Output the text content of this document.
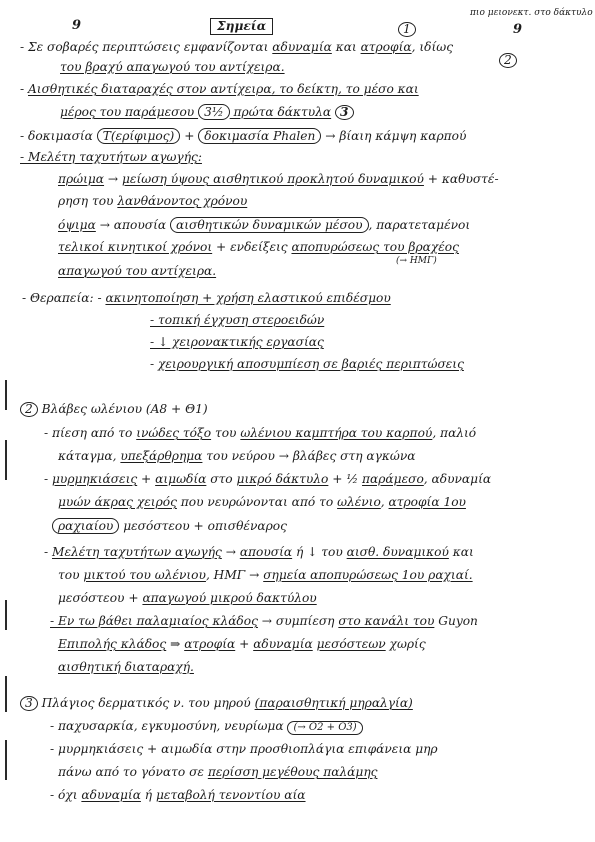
9	Σημεία	1
πιο μειονεκτ. στο δάκτυλο
9
- Σε σοβαρές περιπτώσεις εμφανίζονται αδυναμία και ατροφία, ιδίως
2
του βραχύ απαγωγού του αντίχειρα.
- Αισθητικές διαταραχές στον αντίχειρα, το δείκτη, το μέσο και
μέρος του παράμεσου 3½ πρώτα δάκτυλα 3
- δοκιμασία Τ(ερίφιμος) + δοκιμασία Phalen → βίαιη κάμψη καρπού
- Μελέτη ταχυτήτων αγωγής:
πρώιμα → μείωση ύψους αισθητικού προκλητού δυναμικού + καθυστέ-
ρηση του λανθάνοντος χρόνου
όψιμα → απουσία αισθητικών δυναμικών μέσου , παρατεταμένοι
τελικοί κινητικοί χρόνοι + ενδείξεις αποπυρώσεως του βραχέος
(→ ΗΜΓ)
απαγωγού του αντίχειρα.
- Θεραπεία: - ακινητοποίηση + χρήση ελαστικού επιδέσμου
- τοπική έγχυση στεροειδών
- ↓ χειρονακτικής εργασίας
- χειρουργική αποσυμπίεση σε βαριές περιπτώσεις
2 Βλάβες ωλένιου (Α8 + Θ1)
- πίεση από το ινώδες τόξο του ωλένιου καμπτήρα του καρπού, παλιό
κάταγμα, υπεξάρθρημα του νεύρου → βλάβες στη αγκώνα
- μυρμηκιάσεις + αιμωδία στο μικρό δάκτυλο + ½ παράμεσο, αδυναμία
μυών άκρας χειρός που νευρώνονται από το ωλένιο, ατροφία 1ου
ραχιαίου μεσόστεου + οπισθέναρος
- Μελέτη ταχυτήτων αγωγής → απουσία ή ↓ του αισθ. δυναμικού και
του μικτού του ωλένιου, ΗΜΓ → σημεία αποπυρώσεως 1ου ραχιαί.
μεσόστεου + απαγωγού μικρού δακτύλου
- Εν τω βάθει παλαμιαίος κλάδος → συμπίεση στο κανάλι του Guyon
Επιπολής κλάδος ⇒ ατροφία + αδυναμία μεσόστεων χωρίς
αισθητική διαταραχή.
3 Πλάγιος δερματικός ν. του μηρού (παραισθητική μηραλγία)
- παχυσαρκία, εγκυμοσύνη, νευρίωμα (→ Ο2 + Ο3)
- μυρμηκιάσεις + αιμωδία στην προσθιοπλάγια επιφάνεια μηρ
πάνω από το γόνατο σε περίσση μεγέθους παλάμης
- όχι αδυναμία ή μεταβολή τενοντίου αία
